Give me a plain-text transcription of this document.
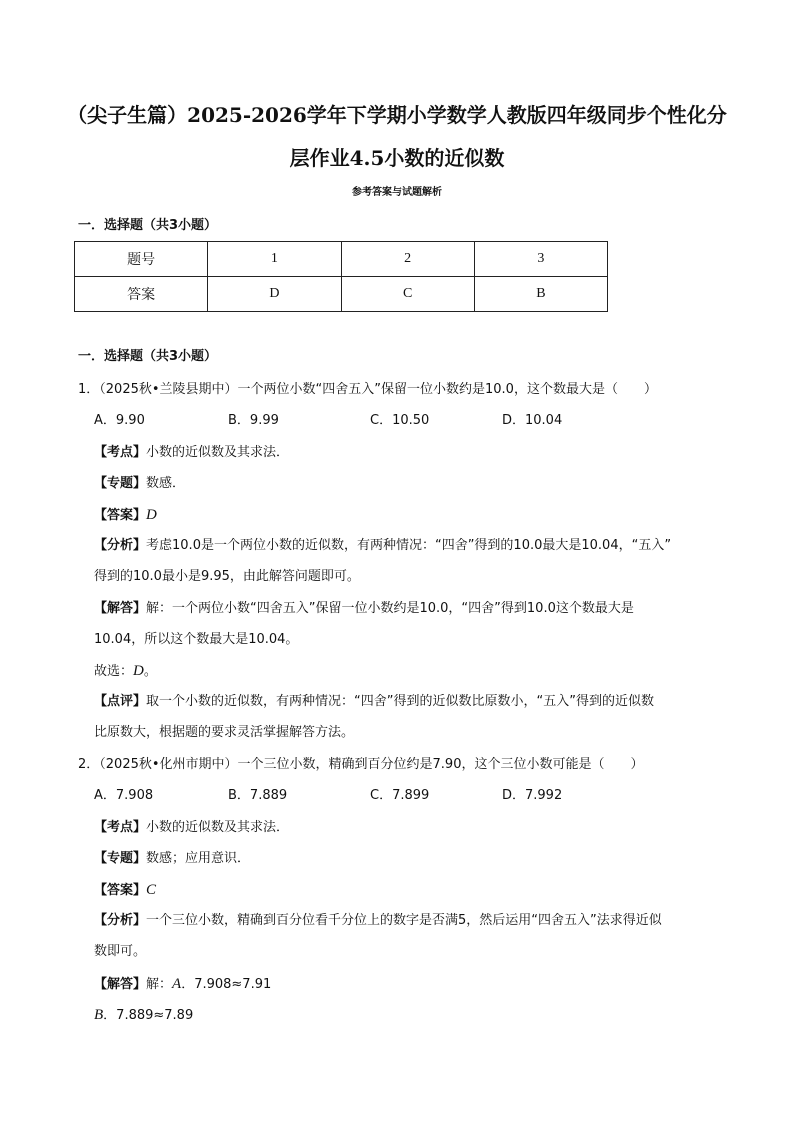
（尖子生篇）2025-2026学年下学期小学数学人教版四年级同步个性化分
层作业4.5小数的近似数
参考答案与试题解析
一．选择题（共3小题）
题号	1	2	3
答案	D	C	B
一．选择题（共3小题）
1．（2025秋•兰陵县期中）一个两位小数“四舍五入”保留一位小数约是10.0，这个数最大是（　　）
A．9.90	B．9.99	C．10.50	D．10.04
【考点】小数的近似数及其求法．
【专题】数感．
【答案】D
【分析】考虑10.0是一个两位小数的近似数，有两种情况：“四舍”得到的10.0最大是10.04，“五入”
得到的10.0最小是9.95，由此解答问题即可。
【解答】解：一个两位小数“四舍五入”保留一位小数约是10.0，“四舍”得到10.0这个数最大是
10.04，所以这个数最大是10.04。
故选：D。
【点评】取一个小数的近似数，有两种情况：“四舍”得到的近似数比原数小，“五入”得到的近似数
比原数大，根据题的要求灵活掌握解答方法。
2．（2025秋•化州市期中）一个三位小数，精确到百分位约是7.90，这个三位小数可能是（　　）
A．7.908	B．7.889	C．7.899	D．7.992
【考点】小数的近似数及其求法．
【专题】数感；应用意识．
【答案】C
【分析】一个三位小数，精确到百分位看千分位上的数字是否满5，然后运用“四舍五入”法求得近似
数即可。
【解答】解：A．7.908≈7.91
B．7.889≈7.89
